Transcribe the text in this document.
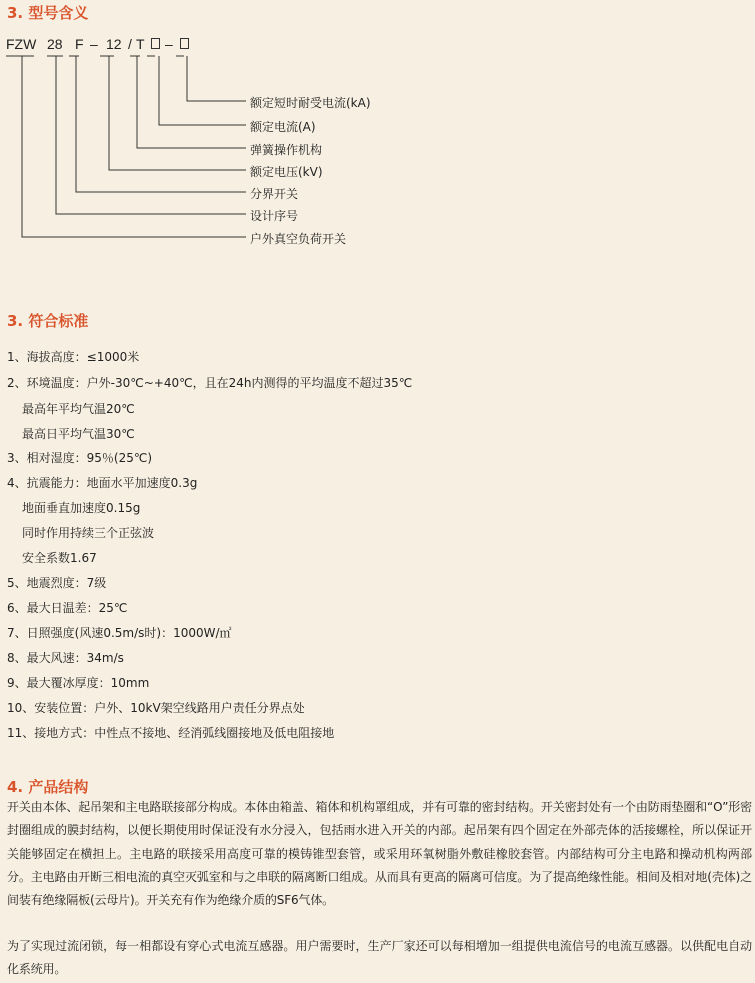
3. 型号含义
FZW 28 F – 12 / T –

额定短时耐受电流(kA)

额定电流(A)

弹簧操作机构

额定电压(kV)

分界开关

设计序号

户外真空负荷开关

3. 符合标准

1、海拔高度：≤1000米

2、环境温度：户外-30℃~+40℃，且在24h内测得的平均温度不超过35℃

最高年平均气温20℃

最高日平均气温30℃

3、相对湿度：95％(25℃)

4、抗震能力：地面水平加速度0.3g

地面垂直加速度0.15g

同时作用持续三个正弦波

安全系数1.67

5、地震烈度：7级

6、最大日温差：25℃

7、日照强度(风速0.5m/s时)：1000W/㎡

8、最大风速：34m/s

9、最大覆冰厚度：10mm

10、安装位置：户外、10kV架空线路用户责任分界点处

11、接地方式：中性点不接地、经消弧线圈接地及低电阻接地

4. 产品结构

开关由本体、起吊架和主电路联接部分构成。本体由箱盖、箱体和机构罩组成，并有可靠的密封结构。开关密封处有一个由防雨垫圈和“O”形密封圈组成的膜封结构，以便长期使用时保证没有水分浸入，包括雨水进入开关的内部。起吊架有四个固定在外部壳体的活接螺栓，所以保证开关能够固定在横担上。主电路的联接采用高度可靠的模铸锥型套管，或采用环氧树脂外敷硅橡胶套管。内部结构可分主电路和操动机构两部分。主电路由开断三相电流的真空灭弧室和与之串联的隔离断口组成。从而具有更高的隔离可信度。为了提高绝缘性能。相间及相对地(壳体)之间装有绝缘隔板(云母片)。开关充有作为绝缘介质的SF6气体。

为了实现过流闭锁，每一相都设有穿心式电流互感器。用户需要时，生产厂家还可以每相增加一组提供电流信号的电流互感器。以供配电自动化系统用。
